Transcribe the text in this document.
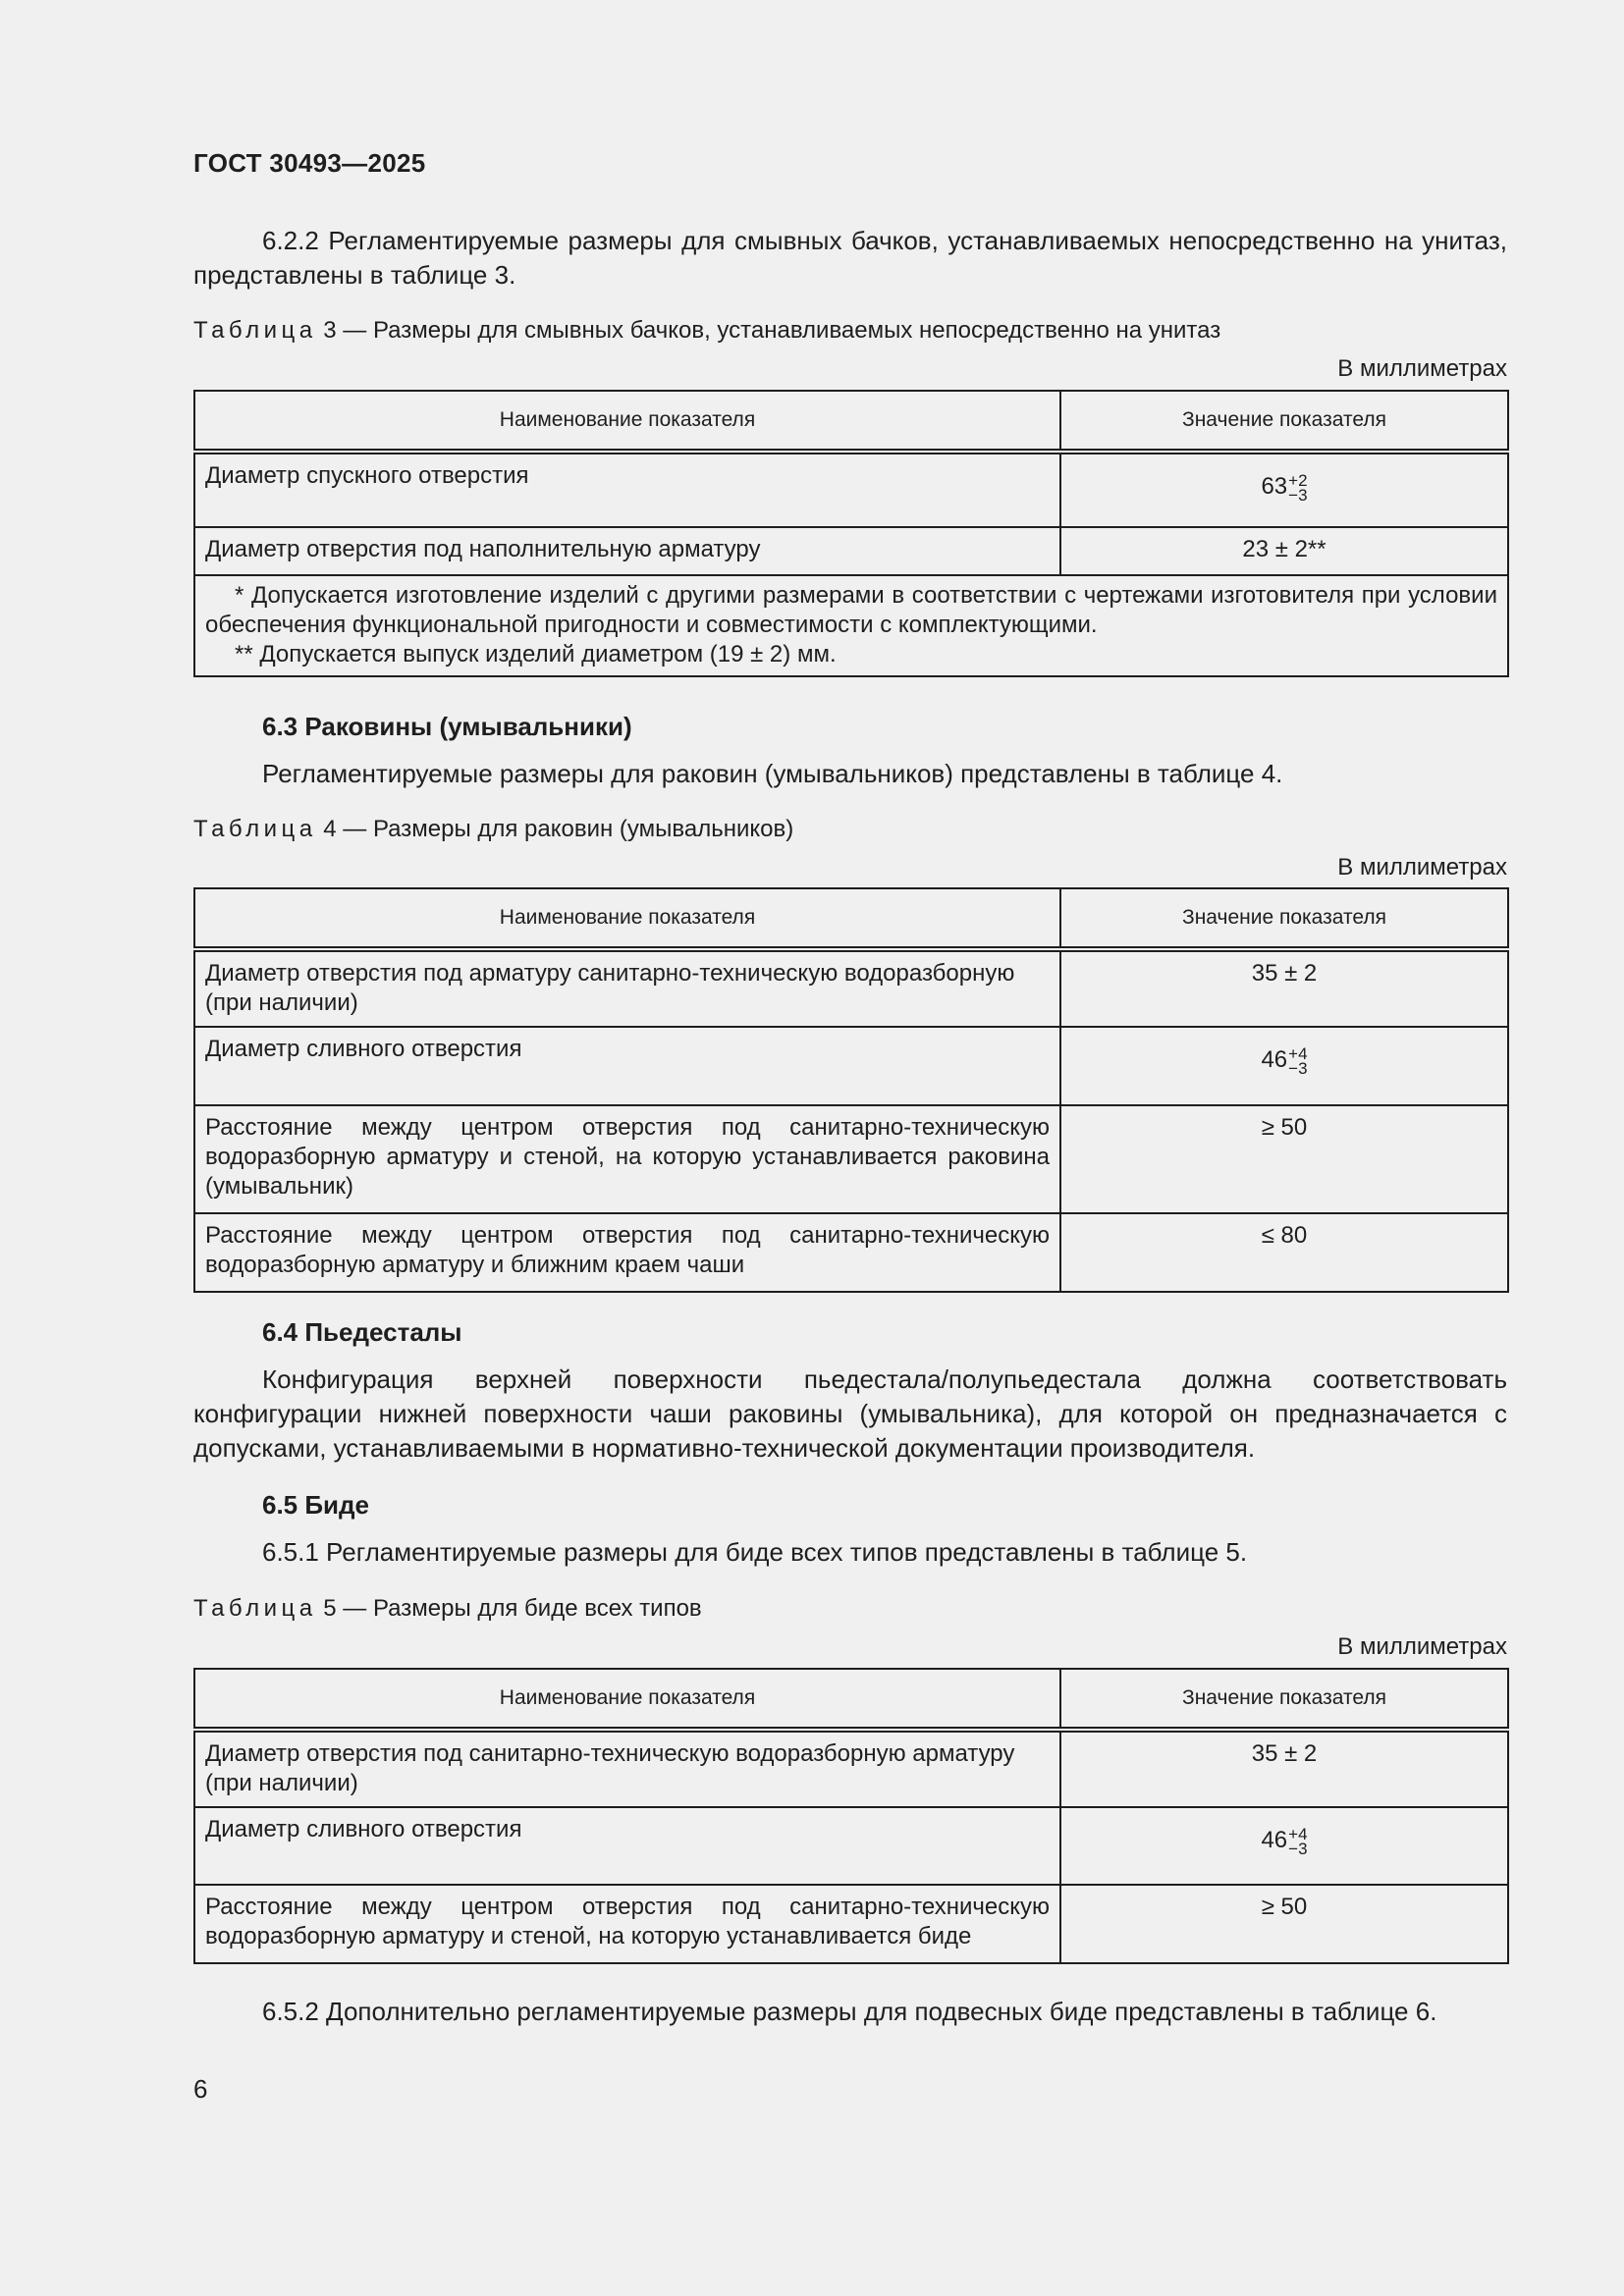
ГОСТ 30493—2025
6.2.2 Регламентируемые размеры для смывных бачков, устанавливаемых непосредственно на унитаз, представлены в таблице 3.
Таблица 3 — Размеры для смывных бачков, устанавливаемых непосредственно на унитаз
В миллиметрах
Наименование показателя	Значение показателя
Диаметр спускного отверстия	63 +2
−3

Диаметр отверстия под наполнительную арматуру	23 ± 2**

* Допускается изготовление изделий с другими размерами в соответствии с чертежами изготовителя при условии обеспечения функциональной пригодности и совместимости с комплектующими.
** Допускается выпуск изделий диаметром (19 ± 2) мм.	
6.3 Раковины (умывальники)
Регламентируемые размеры для раковин (умывальников) представлены в таблице 4.
Таблица 4 — Размеры для раковин (умывальников)
В миллиметрах
Наименование показателя	Значение показателя
Диаметр отверстия под арматуру санитарно-техническую водоразборную (при наличии)	35 ± 2
Диаметр сливного отверстия	46 +4
−3

Расстояние между центром отверстия под санитарно-техническую водоразборную арматуру и стеной, на которую устанавливается раковина (умывальник)	≥ 50
Расстояние между центром отверстия под санитарно-техническую водоразборную арматуру и ближним краем чаши	≤ 80
6.4 Пьедесталы
Конфигурация верхней поверхности пьедестала/полупьедестала должна соответствовать конфигурации нижней поверхности чаши раковины (умывальника), для которой он предназначается с допусками, устанавливаемыми в нормативно-технической документации производителя.
6.5 Биде
6.5.1 Регламентируемые размеры для биде всех типов представлены в таблице 5.
Таблица 5 — Размеры для биде всех типов
В миллиметрах
Наименование показателя	Значение показателя
Диаметр отверстия под санитарно-техническую водоразборную арматуру (при наличии)	35 ± 2
Диаметр сливного отверстия	46 +4
−3

Расстояние между центром отверстия под санитарно-техническую водоразборную арматуру и стеной, на которую устанавливается биде	≥ 50
6.5.2 Дополнительно регламентируемые размеры для подвесных биде представлены в таблице 6.
6
